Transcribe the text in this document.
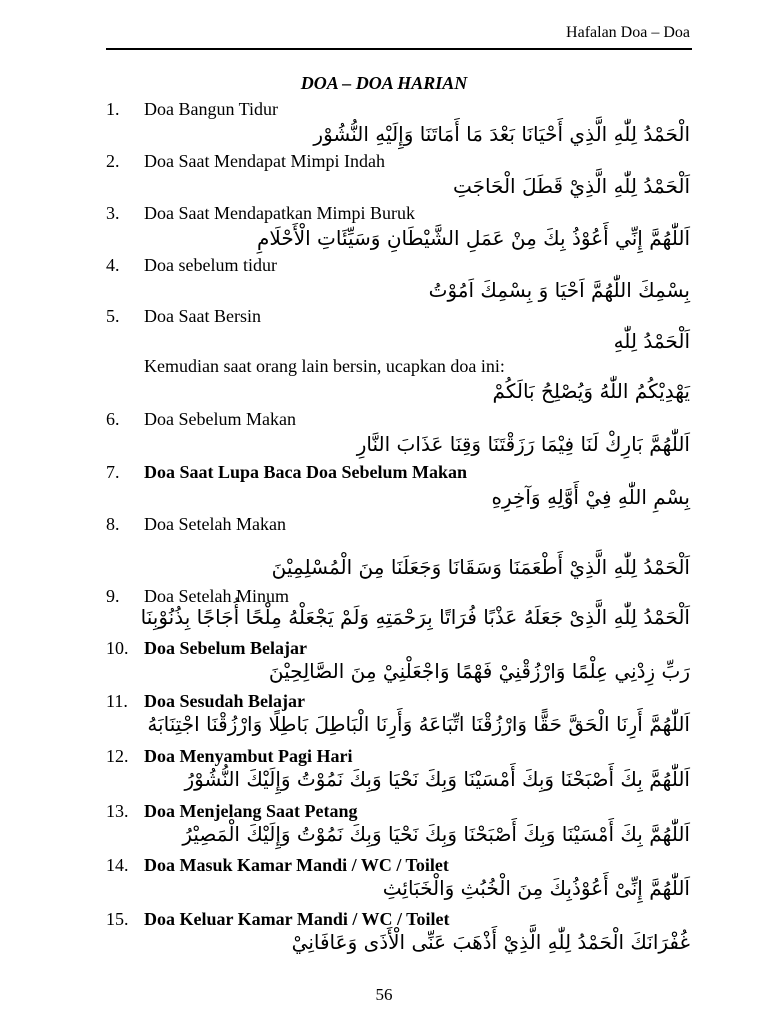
Hafalan Doa – Doa
DOA – DOA HARIAN
1. Doa Bangun Tidur
الْحَمْدُ لِلّٰهِ الَّذِي أَحْيَانَا بَعْدَ مَا أَمَاتَنَا وَإِلَيْهِ النُّشُوْر
2. Doa Saat Mendapat Mimpi Indah
اَلْحَمْدُ لِلّٰهِ الَّذِيْ قَطَلَ الْحَاجَتِ
3. Doa Saat Mendapatkan Mimpi Buruk
اَللّٰهُمَّ إِنِّي أَعُوْذُ بِكَ مِنْ عَمَلِ الشَّيْطَانِ وَسَيِّئَاتِ الْأَحْلَامِ
4. Doa sebelum tidur
بِسْمِكَ اللّٰهُمَّ اَحْيَا وَ بِسْمِكَ اَمُوْتُ
5. Doa Saat Bersin
اَلْحَمْدُ لِلّٰهِ
Kemudian saat orang lain bersin, ucapkan doa ini:
يَهْدِيْكُمُ اللّٰهُ وَيُصْلِحُ بَالَكُمْ
6. Doa Sebelum Makan
اَللّٰهُمَّ بَارِكْ لَنَا فِيْمَا رَزَقْتَنَا وَقِنَا عَذَابَ النَّارِ
7. Doa Saat Lupa Baca Doa Sebelum Makan
بِسْمِ اللّٰهِ فِيْ أَوَّلِهِ وَآخِرِهِ
8. Doa Setelah Makan
اَلْحَمْدُ لِلّٰهِ الَّذِيْ أَطْعَمَنَا وَسَقَانَا وَجَعَلَنَا مِنَ الْمُسْلِمِيْنَ
9. Doa Setelah Minum
اَلْحَمْدُ لِلّٰهِ الَّذِىْ جَعَلَهُ عَذْبًا فُرَاتًا بِرَحْمَتِهِ وَلَمْ يَجْعَلْهُ مِلْحًا أُجَاجًا بِذُنُوْبِنَا
10. Doa Sebelum Belajar
رَبِّ زِدْنِي عِلْمًا وَارْزُقْنِيْ فَهْمًا وَاجْعَلْنِيْ مِنَ الصَّالِحِيْنَ
11. Doa Sesudah Belajar
اَللّٰهُمَّ أَرِنَا الْحَقَّ حَقًّا وَارْزُقْنَا اتِّبَاعَهُ وَأَرِنَا الْبَاطِلَ بَاطِلًا وَارْزُقْنَا اجْتِنَابَهُ
12. Doa Menyambut Pagi Hari
اَللّٰهُمَّ بِكَ أَصْبَحْنَا وَبِكَ أَمْسَيْنَا وَبِكَ نَحْيَا وَبِكَ نَمُوْتُ وَإِلَيْكَ النُّشُوْرُ
13. Doa Menjelang Saat Petang
اَللّٰهُمَّ بِكَ أَمْسَيْنَا وَبِكَ أَصْبَحْنَا وَبِكَ نَحْيَا وَبِكَ نَمُوْتُ وَإِلَيْكَ الْمَصِيْرُ
14. Doa Masuk Kamar Mandi / WC / Toilet
اَللّٰهُمَّ إِنِّىْ أَعُوْذُبِكَ مِنَ الْخُبُثِ وَالْخَبَائِثِ
15. Doa Keluar Kamar Mandi / WC / Toilet
غُفْرَانَكَ الْحَمْدُ لِلّٰهِ الَّذِيْ أَذْهَبَ عَنِّى الْأَذَى وَعَافَانِيْ
56
